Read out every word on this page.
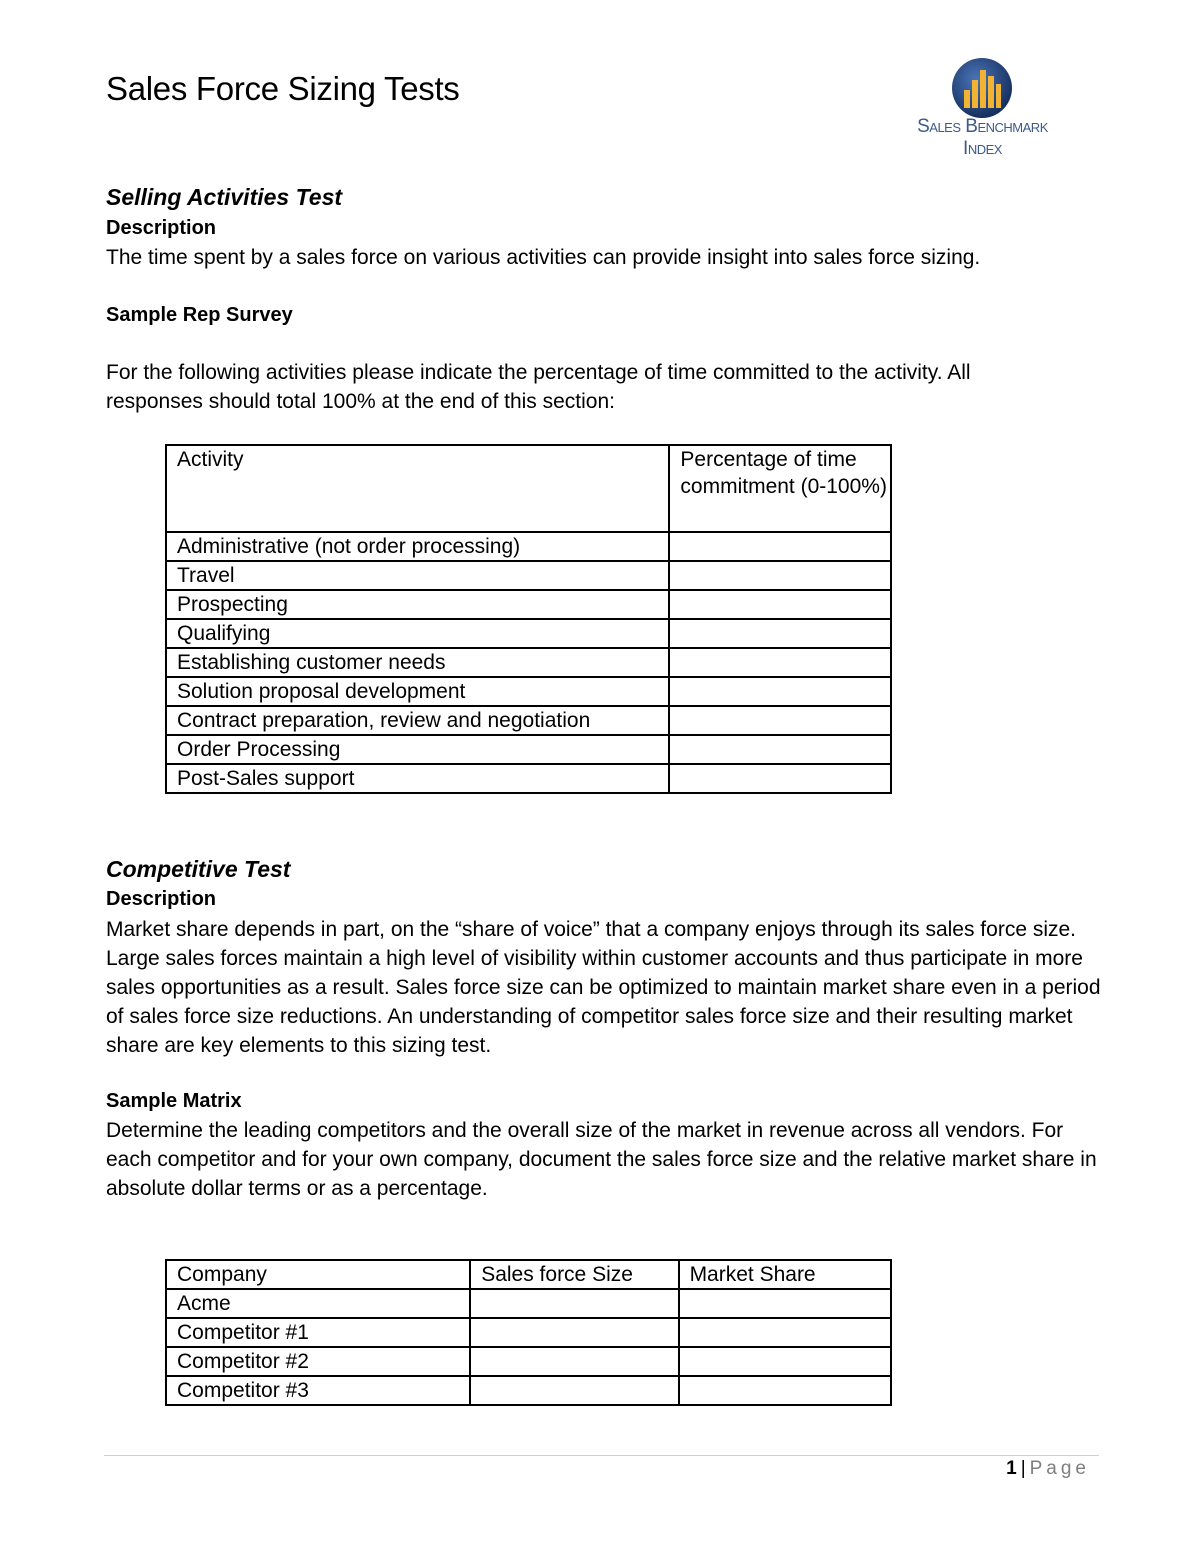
Sales Force Sizing Tests
Sales Benchmark Index
Selling Activities Test
Description
The time spent by a sales force on various activities can provide insight into sales force sizing.
Sample Rep Survey
For the following activities please indicate the percentage of time committed to the activity. All responses should total 100% at the end of this section:
Activity	Percentage of time commitment (0-100%)
Administrative (not order processing)	
Travel	
Prospecting	
Qualifying	
Establishing customer needs	
Solution proposal development	
Contract preparation, review and negotiation	
Order Processing	
Post-Sales support	
Competitive Test
Description
Market share depends in part, on the “share of voice” that a company enjoys through its sales force size. Large sales forces maintain a high level of visibility within customer accounts and thus participate in more sales opportunities as a result. Sales force size can be optimized to maintain market share even in a period of sales force size reductions. An understanding of competitor sales force size and their resulting market share are key elements to this sizing test.
Sample Matrix
Determine the leading competitors and the overall size of the market in revenue across all vendors. For each competitor and for your own company, document the sales force size and the relative market share in absolute dollar terms or as a percentage.
Company	Sales force Size	Market Share
Acme		
Competitor #1		
Competitor #2		
Competitor #3		
1 | Page
